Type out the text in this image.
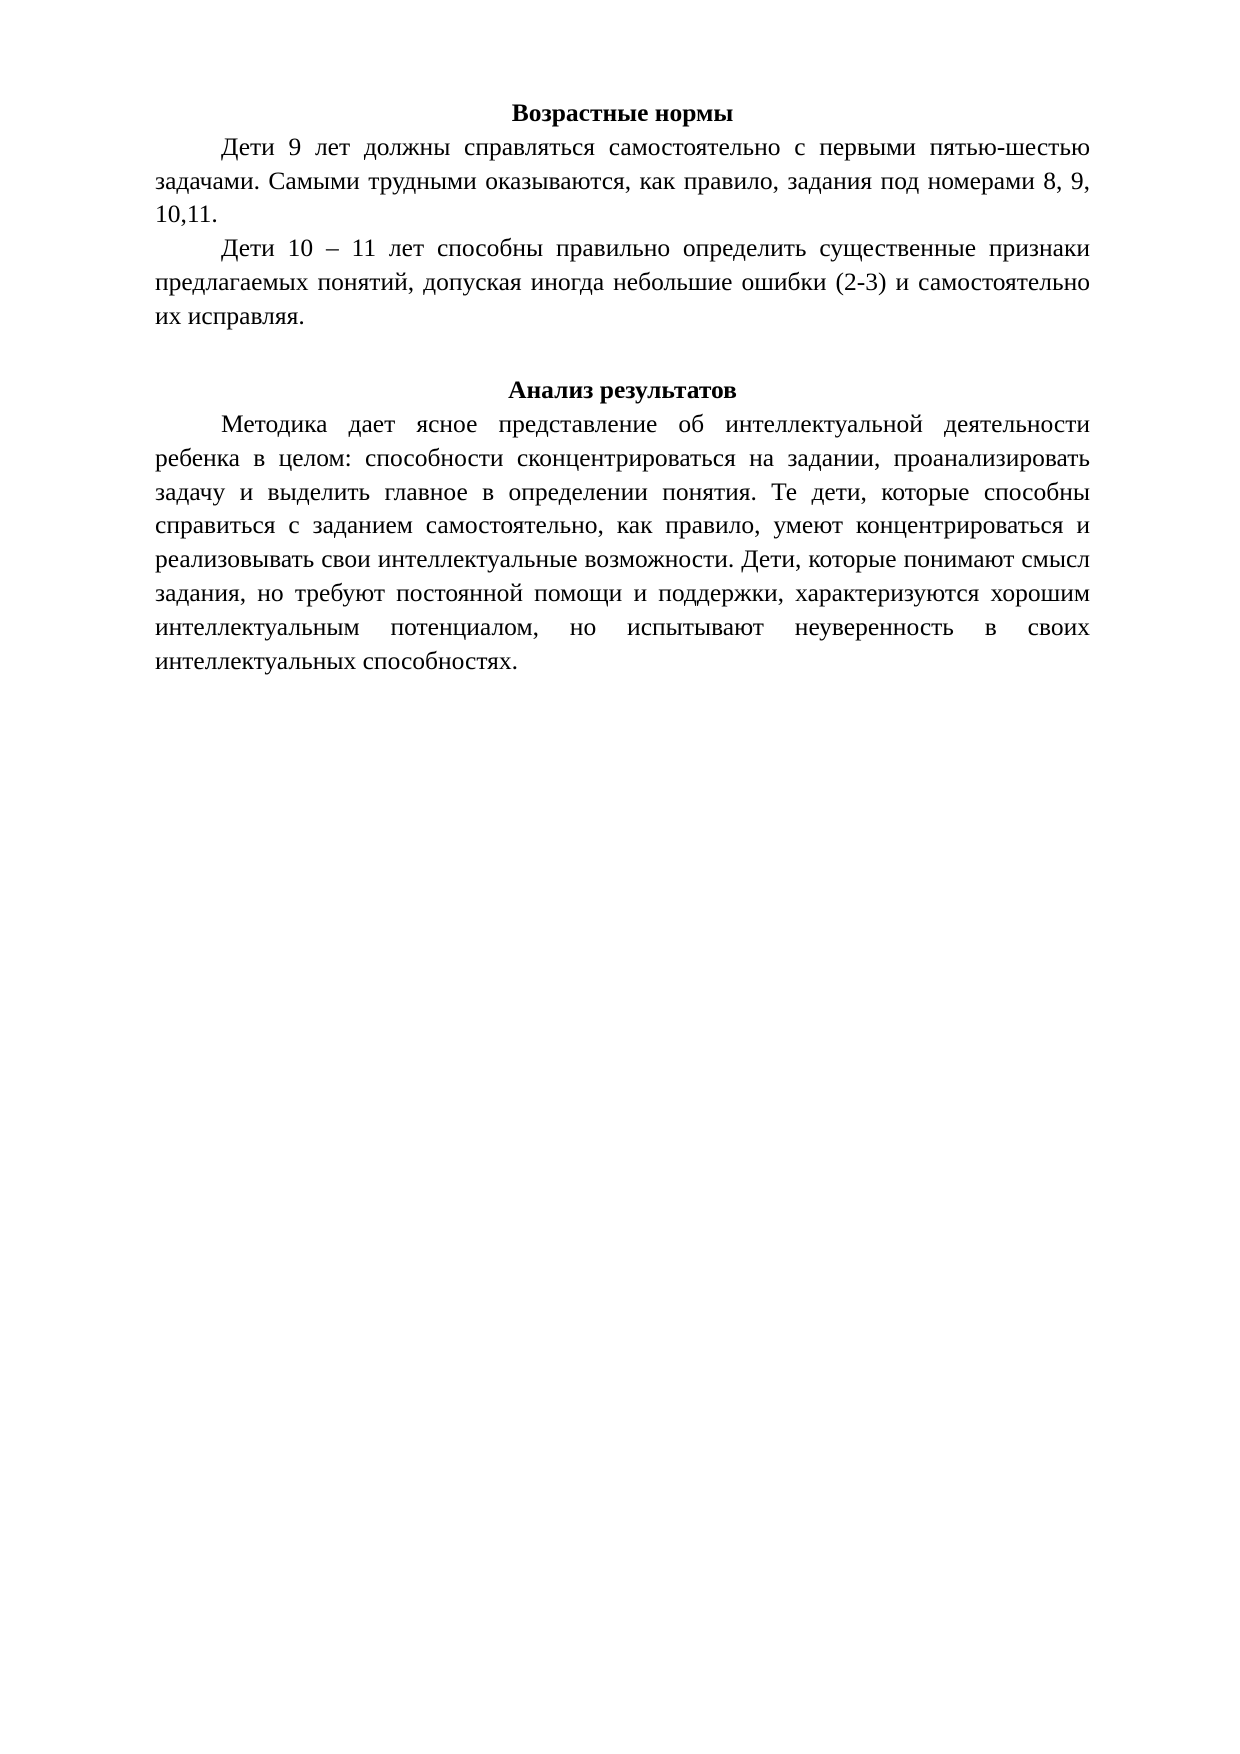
Возрастные нормы

Дети 9 лет должны справляться самостоятельно с первыми пятью-шестью задачами. Самыми трудными оказываются, как правило, задания под номерами 8, 9, 10,11.

Дети 10 – 11 лет способны правильно определить существенные признаки предлагаемых понятий, допуская иногда небольшие ошибки (2-3) и самостоятельно их исправляя.

Анализ результатов

Методика дает ясное представление об интеллектуальной деятельности ребенка в целом: способности сконцентрироваться на задании, проанализировать задачу и выделить главное в определении понятия. Те дети, которые способны справиться с заданием самостоятельно, как правило, умеют концентрироваться и реализовывать свои интеллектуальные возможности. Дети, которые понимают смысл задания, но требуют постоянной помощи и поддержки, характеризуются хорошим интеллектуальным потенциалом, но испытывают неуверенность в своих интеллектуальных способностях.
